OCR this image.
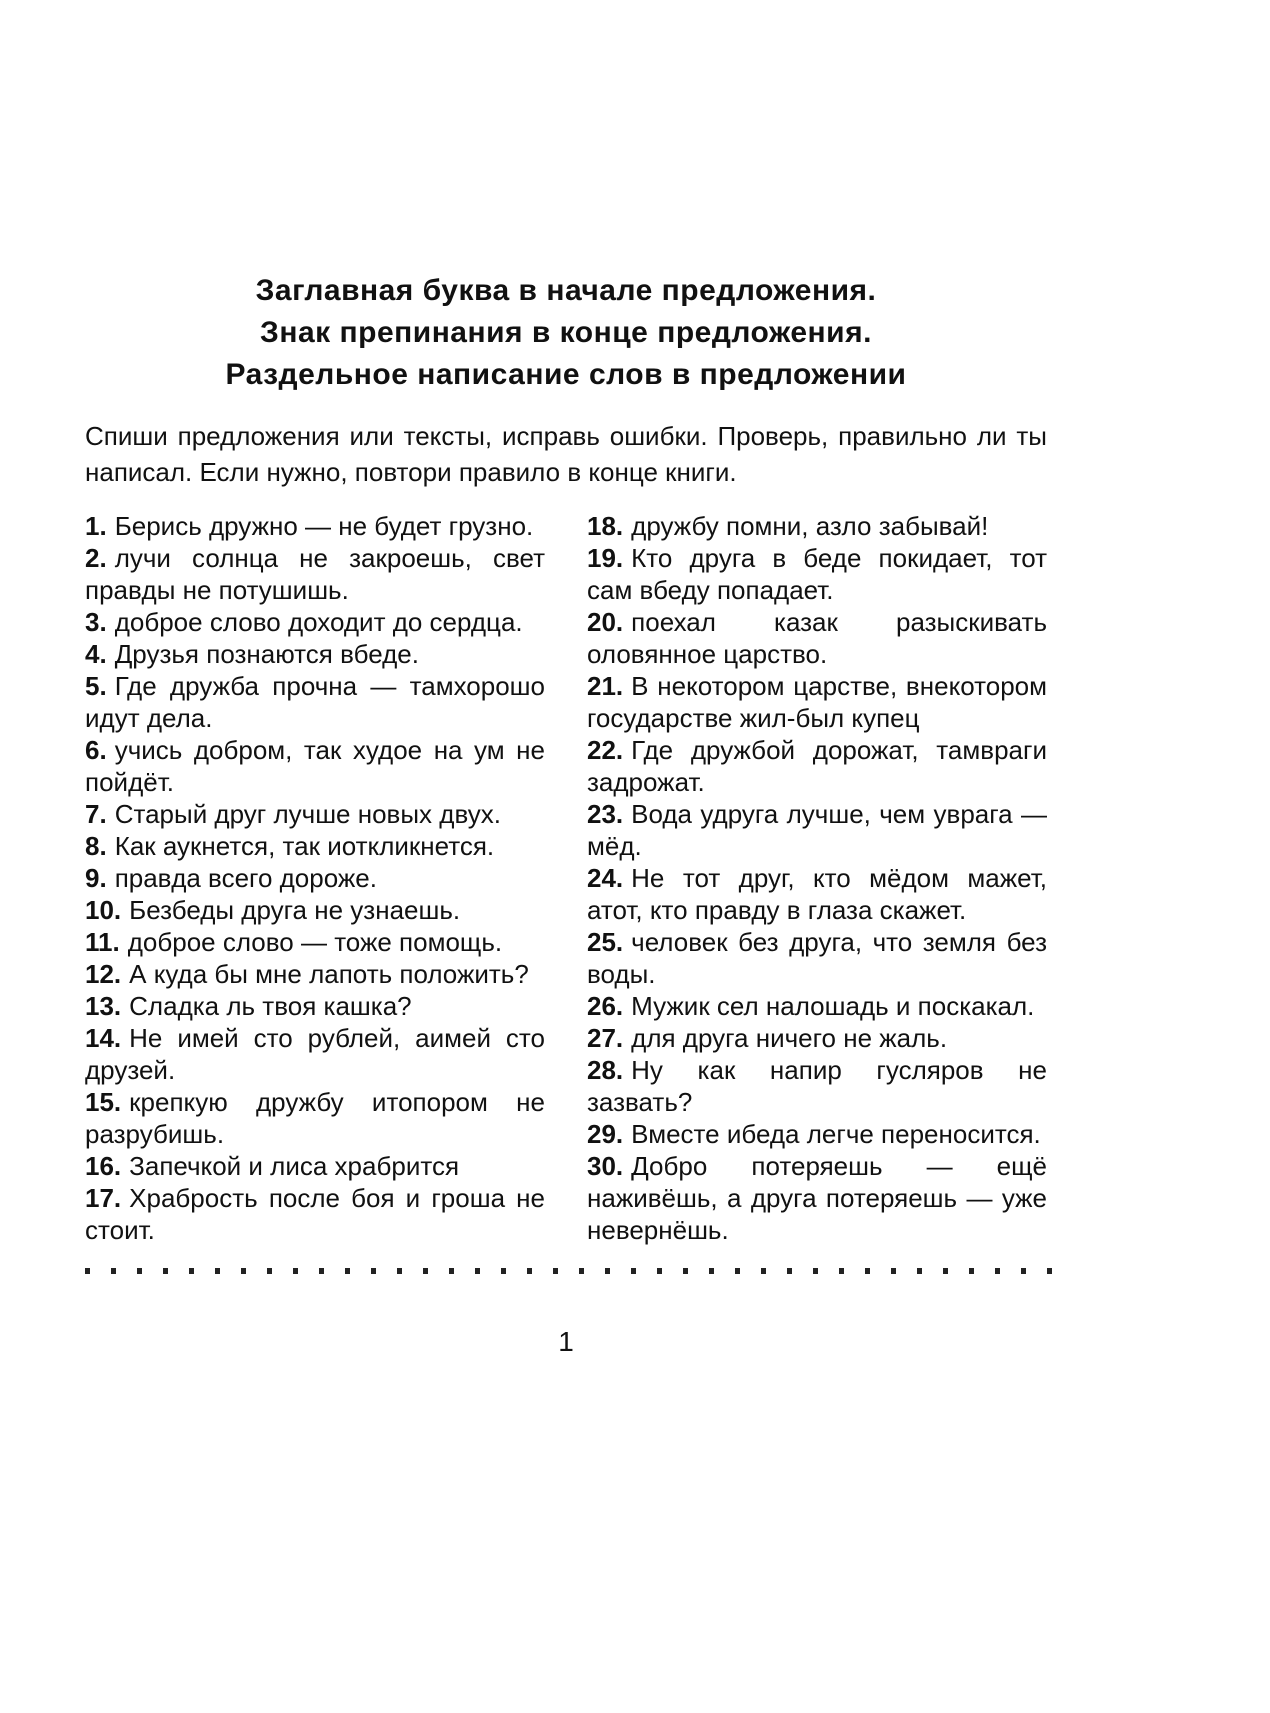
Заглавная буква в начале предложения.
Знак препинания в конце предложения.
Раздельное написание слов в предложении

Спиши предложения или тексты, исправь ошибки. Проверь, правильно ли ты написал. Если нужно, повтори правило в конце книги.

1. Берись дружно — не будет грузно.

2. лучи солнца не закроешь, свет правды не потушишь.

3. доброе слово доходит до сердца.

4. Друзья познаются вбеде.

5. Где дружба прочна — тамхорошо идут дела.

6. учись добром, так худое на ум не пойдёт.

7. Старый друг лучше новых двух.

8. Как аукнется, так иоткликнется.

9. правда всего дороже.

10. Безбеды друга не узнаешь.

11. доброе слово — тоже помощь.

12. А куда бы мне лапоть положить?

13. Сладка ль твоя кашка?

14. Не имей сто рублей, аимей сто друзей.

15. крепкую дружбу итопором не разрубишь.

16. Запечкой и лиса храбрится

17. Храбрость после боя и гроша не стоит.

18. дружбу помни, азло забывай!

19. Кто друга в беде покидает, тот сам вбеду попадает.

20. поехал казак разыскивать оловянное царство.

21. В некотором царстве, внекотором государстве жил-был купец

22. Где дружбой дорожат, тамвраги задрожат.

23. Вода удруга лучше, чем уврага — мёд.

24. Не тот друг, кто мёдом мажет, атот, кто правду в глаза скажет.

25. человек без друга, что земля без воды.

26. Мужик сел налошадь и поскакал.

27. для друга ничего не жаль.

28. Ну как напир гусляров не зазвать?

29. Вместе ибеда легче переносится.

30. Добро потеряешь — ещё наживёшь, а друга потеряешь — уже невернёшь.

1
